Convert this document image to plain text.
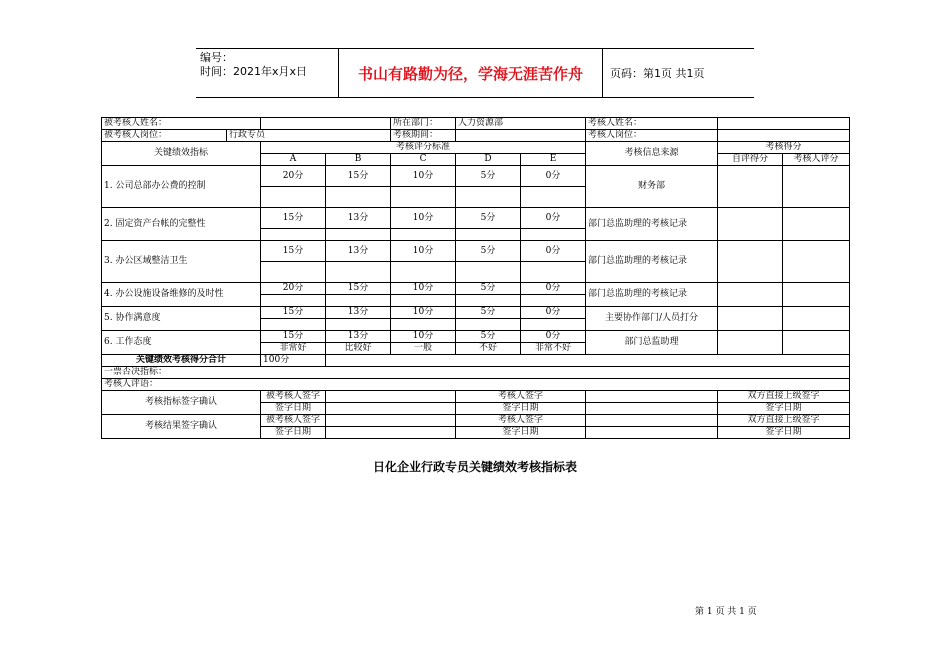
编号：
时间：2021年x月x日	书山有路勤为径，学海无涯苦作舟	页码：第1页 共1页
被考核人姓名：				所在部门：	人力资源部		考核人姓名：		
被考核人岗位：	行政专员			考核期间：			考核人岗位：		
关键绩效指标		考核评分标准					考核信息来源	考核得分	
		A	B	C	D	E		自评得分	考核人评分
1. 公司总部办公费的控制		20分	15分	10分	5分	0分	财务部		

2. 固定资产台帐的完整性		15分	13分	10分	5分	0分	部门总监助理的考核记录		

3. 办公区域整洁卫生		15分	13分	10分	5分	0分	部门总监助理的考核记录		

4. 办公设施设备维修的及时性		20分	15分	10分	5分	0分	部门总监助理的考核记录		

5. 协作满意度		15分	13分	10分	5分	0分	主要协作部门/人员打分		

6. 工作态度		15分	13分	10分	5分	0分	部门总监助理		
		非常好	比较好	一般	不好	非常不好			
关键绩效考核得分合计		100分							
一票否决指标：									
考核人评语：									
考核指标签字确认		被考核人签字			考核人签字			双方直接上级签字	
		签字日期			签字日期			签字日期	
考核结果签字确认		被考核人签字			考核人签字			双方直接上级签字	
		签字日期			签字日期			签字日期	
日化企业行政专员关键绩效考核指标表
第 1 页 共 1 页
